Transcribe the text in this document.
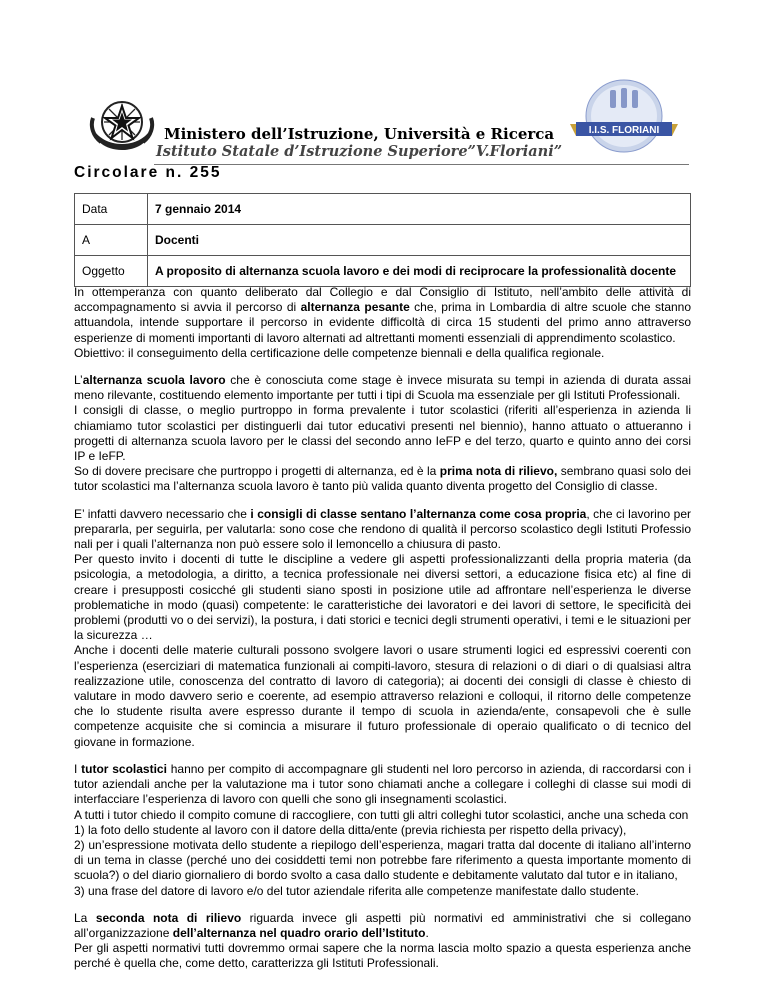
I.I.S. FLORIANI
Ministero dell’Istruzione, Università e Ricerca
Istituto Statale d’Istruzione Superiore”V.Floriani”
Circolare n. 255
Data	7 gennaio 2014
A	Docenti
Oggetto	A proposito di alternanza scuola lavoro e dei modi di reciprocare la professionalità docente

In ottemperanza con quanto deliberato dal Collegio e dal Consiglio di Istituto, nell’ambito delle attività di accompagnamento si avvia il percorso di alternanza pesante che, prima in Lombardia di altre scuole che stanno attuandola, intende supportare il percorso in evidente difficoltà di circa 15 studenti del primo anno attraverso esperienze di momenti importanti di lavoro alternati ad altrettanti momenti essenziali di apprendimento scolastico.
Obiettivo: il conseguimento della certificazione delle competenze biennali e della qualifica regionale.

L’alternanza scuola lavoro che è conosciuta come stage è invece misurata su tempi in azienda di durata assai meno rilevante, costituendo elemento importante per tutti i tipi di Scuola ma essenziale per gli Istituti Professionali.
I consigli di classe, o meglio purtroppo in forma prevalente i tutor scolastici (riferiti all’esperienza in azienda li chiamiamo tutor scolastici per distinguerli dai tutor educativi presenti nel biennio), hanno attuato o attueranno i progetti di alternanza scuola lavoro per le classi del secondo anno IeFP e del terzo, quarto e quinto anno dei corsi IP e IeFP.
So di dovere precisare che purtroppo i progetti di alternanza, ed è la prima nota di rilievo, sembrano quasi solo dei tutor scolastici ma l’alternanza scuola lavoro è tanto più valida quanto diventa progetto del Consiglio di classe.

E’ infatti davvero necessario che i consigli di classe sentano l’alternanza come cosa propria, che ci lavorino per prepararla, per seguirla, per valutarla: sono cose che rendono di qualità il percorso scolastico degli Istituti Professio nali per i quali l’alternanza non può essere solo il lemoncello a chiusura di pasto.
Per questo invito i docenti di tutte le discipline a vedere gli aspetti professionalizzanti della propria materia (da psicologia, a metodologia, a diritto, a tecnica professionale nei diversi settori, a educazione fisica etc) al fine di creare i presupposti cosicché gli studenti siano sposti in posizione utile ad affrontare nell’esperienza le diverse problematiche in modo (quasi) competente: le caratteristiche dei lavoratori e dei lavori di settore, le specificità dei problemi (produtti vo o dei servizi), la postura, i dati storici e tecnici degli strumenti operativi, i temi e le situazioni per la sicurezza …
Anche i docenti delle materie culturali possono svolgere lavori o usare strumenti logici ed espressivi coerenti con l’esperienza (eserciziari di matematica funzionali ai compiti-lavoro, stesura di relazioni o di diari o di qualsiasi altra realizzazione utile, conoscenza del contratto di lavoro di categoria); ai docenti dei consigli di classe è chiesto di valutare in modo davvero serio e coerente, ad esempio attraverso relazioni e colloqui, il ritorno delle competenze che lo studente risulta avere espresso durante il tempo di scuola in azienda/ente, consapevoli che è sulle competenze acquisite che si comincia a misurare il futuro professionale di operaio qualificato o di tecnico del giovane in formazione.

I tutor scolastici hanno per compito di accompagnare gli studenti nel loro percorso in azienda, di raccordarsi con i tutor aziendali anche per la valutazione ma i tutor sono chiamati anche a collegare i colleghi di classe sui modi di interfacciare l’esperienza di lavoro con quelli che sono gli insegnamenti scolastici.
A tutti i tutor chiedo il compito comune di raccogliere, con tutti gli altri colleghi tutor scolastici, anche una scheda con
1) la foto dello studente al lavoro con il datore della ditta/ente (previa richiesta per rispetto della privacy),
2) un’espressione motivata dello studente a riepilogo dell’esperienza, magari tratta dal docente di italiano all’interno di un tema in classe (perché uno dei cosiddetti temi non potrebbe fare riferimento a questa importante momento di scuola?) o del diario giornaliero di bordo svolto a casa dallo studente e debitamente valutato dal tutor e in italiano,
3) una frase del datore di lavoro e/o del tutor aziendale riferita alle competenze manifestate dallo studente.

La seconda nota di rilievo riguarda invece gli aspetti più normativi ed amministrativi che si collegano all’organizzazione dell’alternanza nel quadro orario dell’Istituto.
Per gli aspetti normativi tutti dovremmo ormai sapere che la norma lascia molto spazio a questa esperienza anche perché è quella che, come detto, caratterizza gli Istituti Professionali.
